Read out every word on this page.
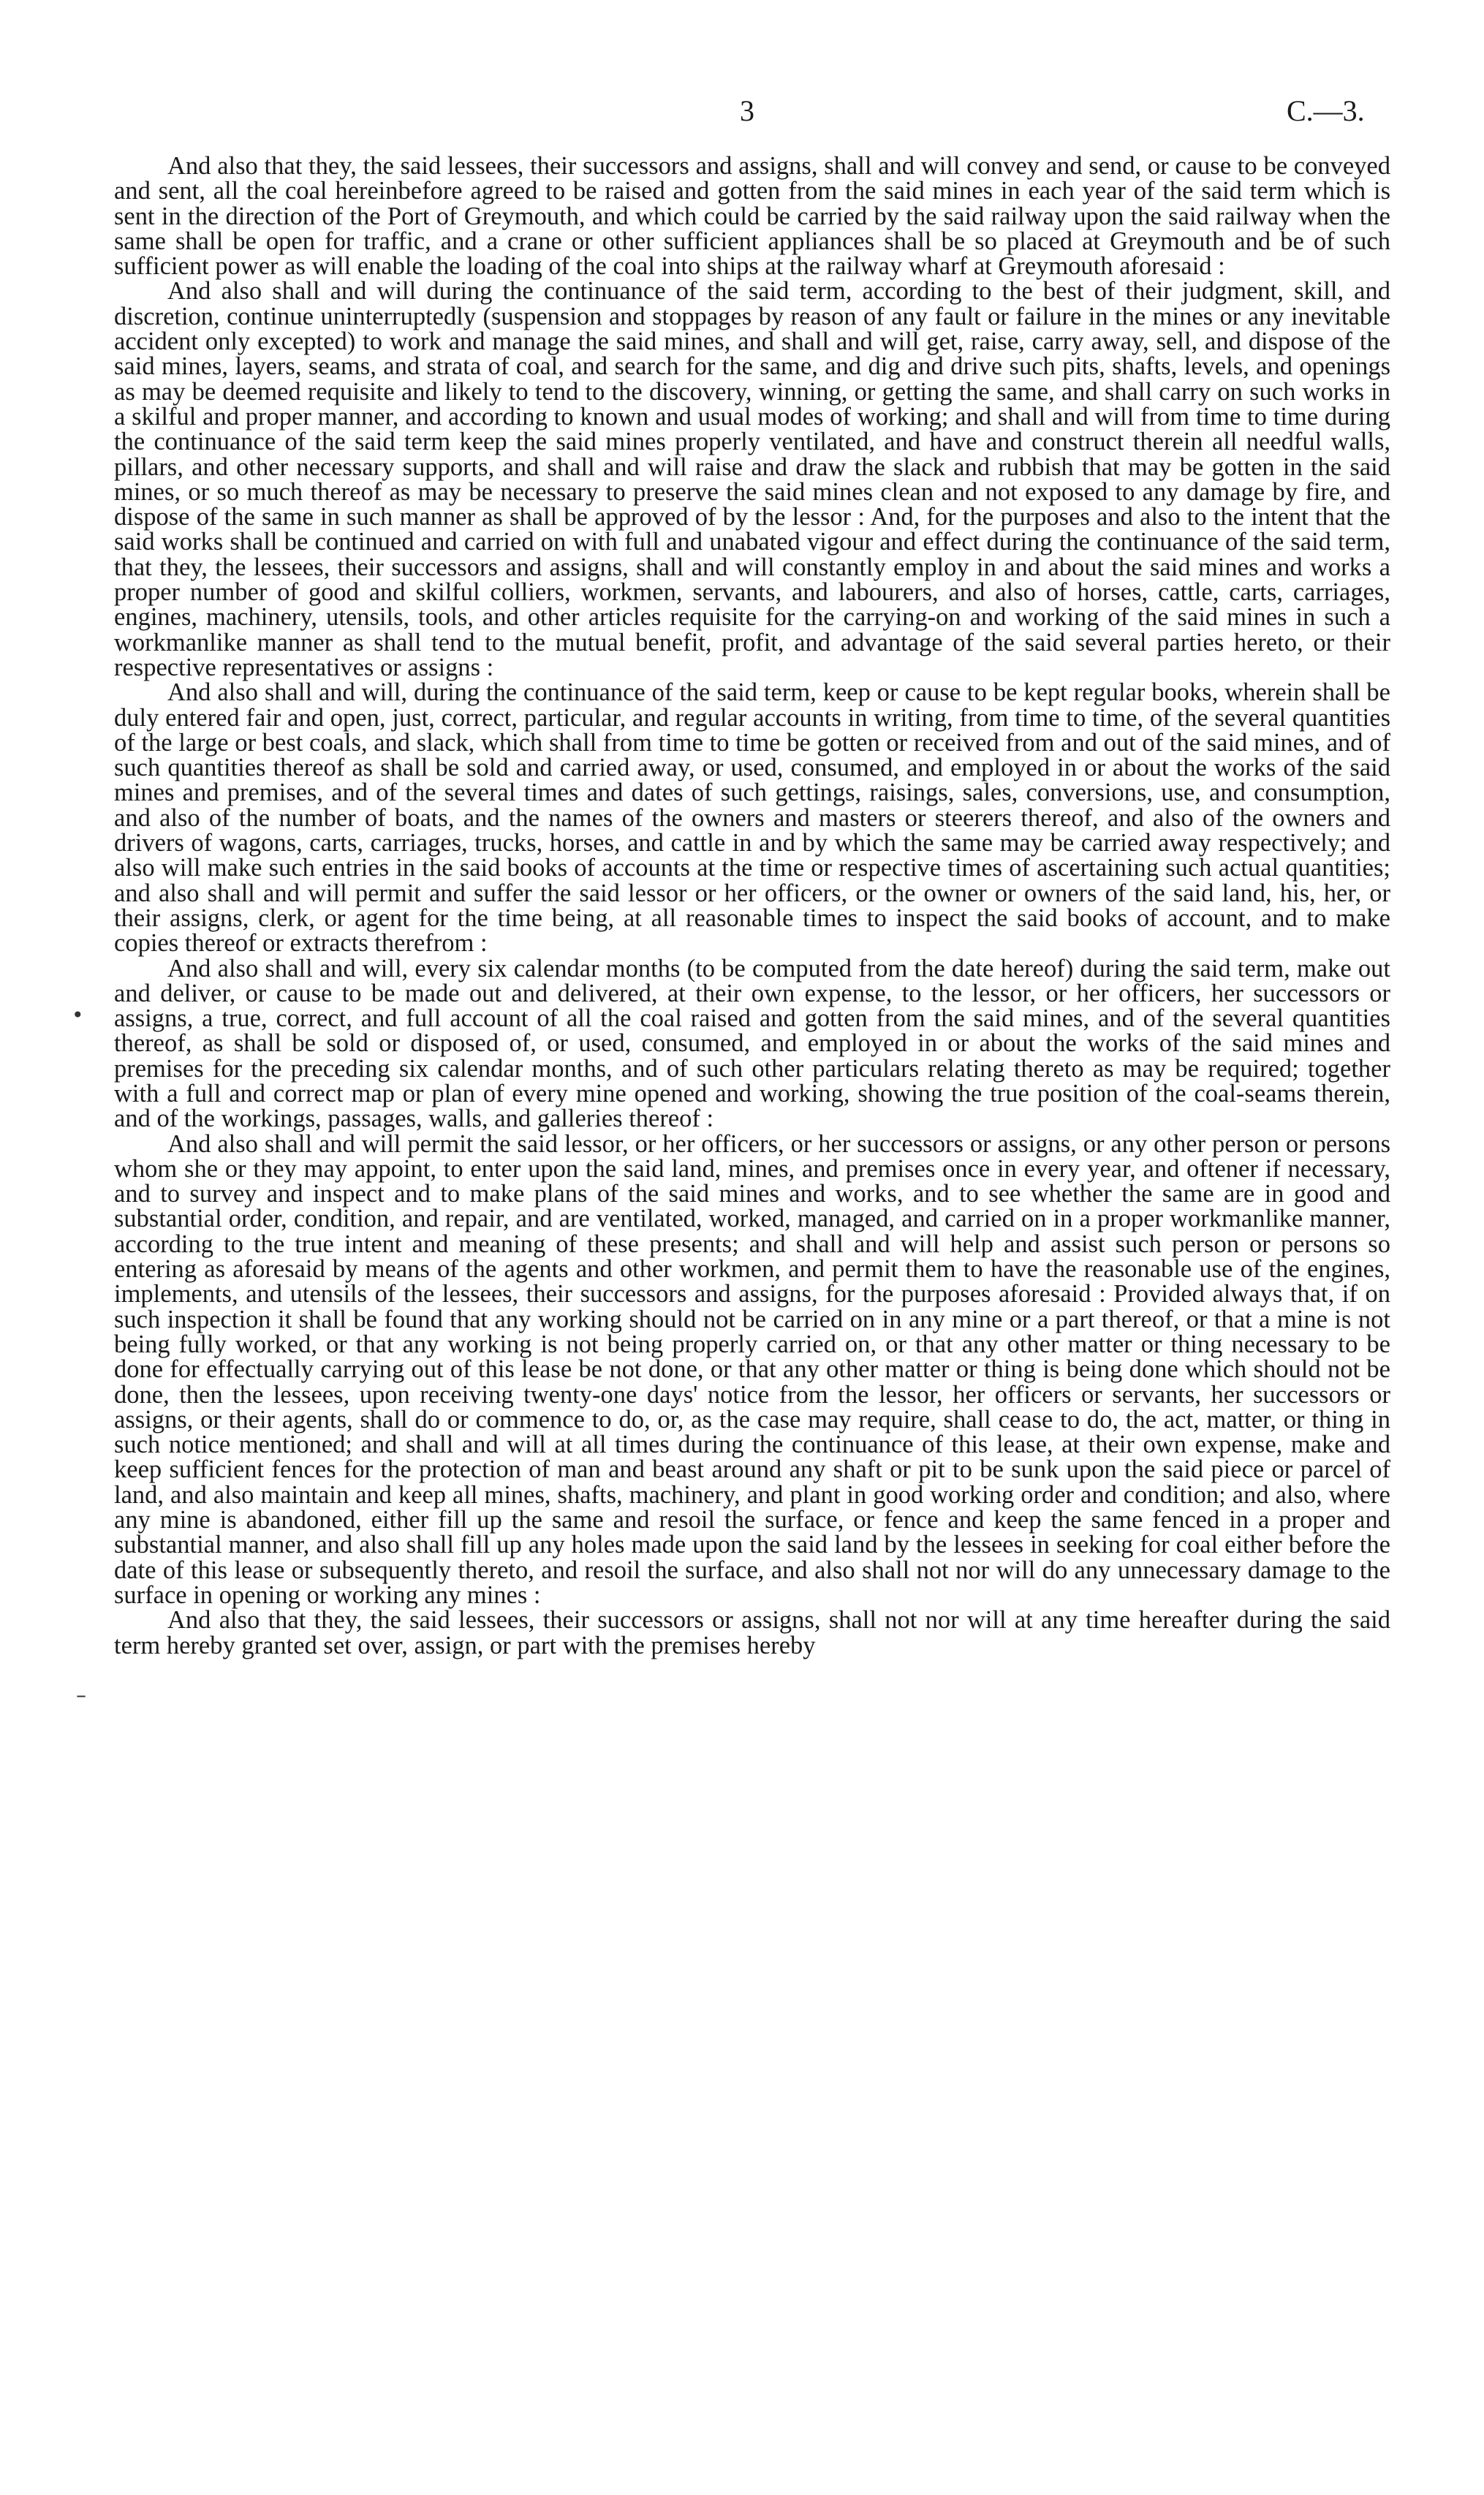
3	C.—3.
•
–

And also that they, the said lessees, their successors and assigns, shall and will convey and send, or cause to be conveyed and sent, all the coal hereinbefore agreed to be raised and gotten from the said mines in each year of the said term which is sent in the direction of the Port of Greymouth, and which could be carried by the said railway upon the said railway when the same shall be open for traffic, and a crane or other sufficient appliances shall be so placed at Greymouth and be of such sufficient power as will enable the loading of the coal into ships at the railway wharf at Greymouth aforesaid :

And also shall and will during the continuance of the said term, according to the best of their judgment, skill, and discretion, continue uninterruptedly (suspension and stoppages by reason of any fault or failure in the mines or any inevitable accident only excepted) to work and manage the said mines, and shall and will get, raise, carry away, sell, and dispose of the said mines, layers, seams, and strata of coal, and search for the same, and dig and drive such pits, shafts, levels, and openings as may be deemed requisite and likely to tend to the discovery, winning, or getting the same, and shall carry on such works in a skilful and proper manner, and according to known and usual modes of working; and shall and will from time to time during the continuance of the said term keep the said mines properly ventilated, and have and construct therein all needful walls, pillars, and other necessary supports, and shall and will raise and draw the slack and rubbish that may be gotten in the said mines, or so much thereof as may be necessary to preserve the said mines clean and not exposed to any damage by fire, and dispose of the same in such manner as shall be approved of by the lessor : And, for the purposes and also to the intent that the said works shall be continued and carried on with full and unabated vigour and effect during the continuance of the said term, that they, the lessees, their successors and assigns, shall and will constantly employ in and about the said mines and works a proper number of good and skilful colliers, workmen, servants, and labourers, and also of horses, cattle, carts, carriages, engines, machinery, utensils, tools, and other articles requisite for the carrying-on and working of the said mines in such a workmanlike manner as shall tend to the mutual benefit, profit, and advantage of the said several parties hereto, or their respective representatives or assigns :

And also shall and will, during the continuance of the said term, keep or cause to be kept regular books, wherein shall be duly entered fair and open, just, correct, particular, and regular accounts in writing, from time to time, of the several quantities of the large or best coals, and slack, which shall from time to time be gotten or received from and out of the said mines, and of such quantities thereof as shall be sold and carried away, or used, consumed, and employed in or about the works of the said mines and premises, and of the several times and dates of such gettings, raisings, sales, conversions, use, and consumption, and also of the number of boats, and the names of the owners and masters or steerers thereof, and also of the owners and drivers of wagons, carts, carriages, trucks, horses, and cattle in and by which the same may be carried away respectively; and also will make such entries in the said books of accounts at the time or respective times of ascertaining such actual quantities; and also shall and will permit and suffer the said lessor or her officers, or the owner or owners of the said land, his, her, or their assigns, clerk, or agent for the time being, at all reasonable times to inspect the said books of account, and to make copies thereof or extracts therefrom :

And also shall and will, every six calendar months (to be computed from the date hereof) during the said term, make out and deliver, or cause to be made out and delivered, at their own expense, to the lessor, or her officers, her successors or assigns, a true, correct, and full account of all the coal raised and gotten from the said mines, and of the several quantities thereof, as shall be sold or disposed of, or used, consumed, and employed in or about the works of the said mines and premises for the preceding six calendar months, and of such other particulars relating thereto as may be required; together with a full and correct map or plan of every mine opened and working, showing the true position of the coal-seams therein, and of the workings, passages, walls, and galleries thereof :

And also shall and will permit the said lessor, or her officers, or her successors or assigns, or any other person or persons whom she or they may appoint, to enter upon the said land, mines, and premises once in every year, and oftener if necessary, and to survey and inspect and to make plans of the said mines and works, and to see whether the same are in good and substantial order, condition, and repair, and are ventilated, worked, managed, and carried on in a proper workmanlike manner, according to the true intent and meaning of these presents; and shall and will help and assist such person or persons so entering as aforesaid by means of the agents and other workmen, and permit them to have the reasonable use of the engines, implements, and utensils of the lessees, their successors and assigns, for the purposes aforesaid : Provided always that, if on such inspection it shall be found that any working should not be carried on in any mine or a part thereof, or that a mine is not being fully worked, or that any working is not being properly carried on, or that any other matter or thing necessary to be done for effectually carrying out of this lease be not done, or that any other matter or thing is being done which should not be done, then the lessees, upon receiving twenty-one days' notice from the lessor, her officers or servants, her successors or assigns, or their agents, shall do or commence to do, or, as the case may require, shall cease to do, the act, matter, or thing in such notice mentioned; and shall and will at all times during the continuance of this lease, at their own expense, make and keep sufficient fences for the protection of man and beast around any shaft or pit to be sunk upon the said piece or parcel of land, and also maintain and keep all mines, shafts, machinery, and plant in good working order and condition; and also, where any mine is abandoned, either fill up the same and resoil the surface, or fence and keep the same fenced in a proper and substantial manner, and also shall fill up any holes made upon the said land by the lessees in seeking for coal either before the date of this lease or subsequently thereto, and resoil the surface, and also shall not nor will do any unnecessary damage to the surface in opening or working any mines :

And also that they, the said lessees, their successors or assigns, shall not nor will at any time hereafter during the said term hereby granted set over, assign, or part with the premises hereby
